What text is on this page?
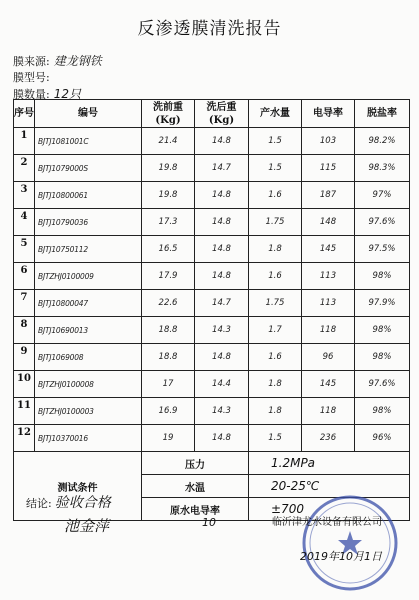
反渗透膜清洗报告
膜来源: 建龙钢铁
膜型号:
膜数量: 12只
序号	编号	洗前重(Kg)	洗后重(Kg)	产水量	电导率	脱盐率
1	BJTJ1081001C	21.4	14.8	1.5	103	98.2%
2	BJTJ1079000S	19.8	14.7	1.5	115	98.3%
3	BJTJ10800061	19.8	14.8	1.6	187	97%
4	BJTJ10790036	17.3	14.8	1.75	148	97.6%
5	BJTJ10750112	16.5	14.8	1.8	145	97.5%
6	BJTZHJ0100009	17.9	14.8	1.6	113	98%
7	BJTJ10800047	22.6	14.7	1.75	113	97.9%
8	BJTJ10690013	18.8	14.3	1.7	118	98%
9	BJTJ1069008	18.8	14.8	1.6	96	98%
10	BJTZHJ0100008	17	14.4	1.8	145	97.6%
11	BJTZHJ0100003	16.9	14.3	1.8	118	98%
12	BJTJ10370016	19	14.8	1.5	236	96%
测试条件		压力		1.2MPa		
		水温		20-25℃		
		原水电导率		±700		
结论: 验收合格
池金萍	10	临沂津龙水设备有限公司
2019年10月1日
